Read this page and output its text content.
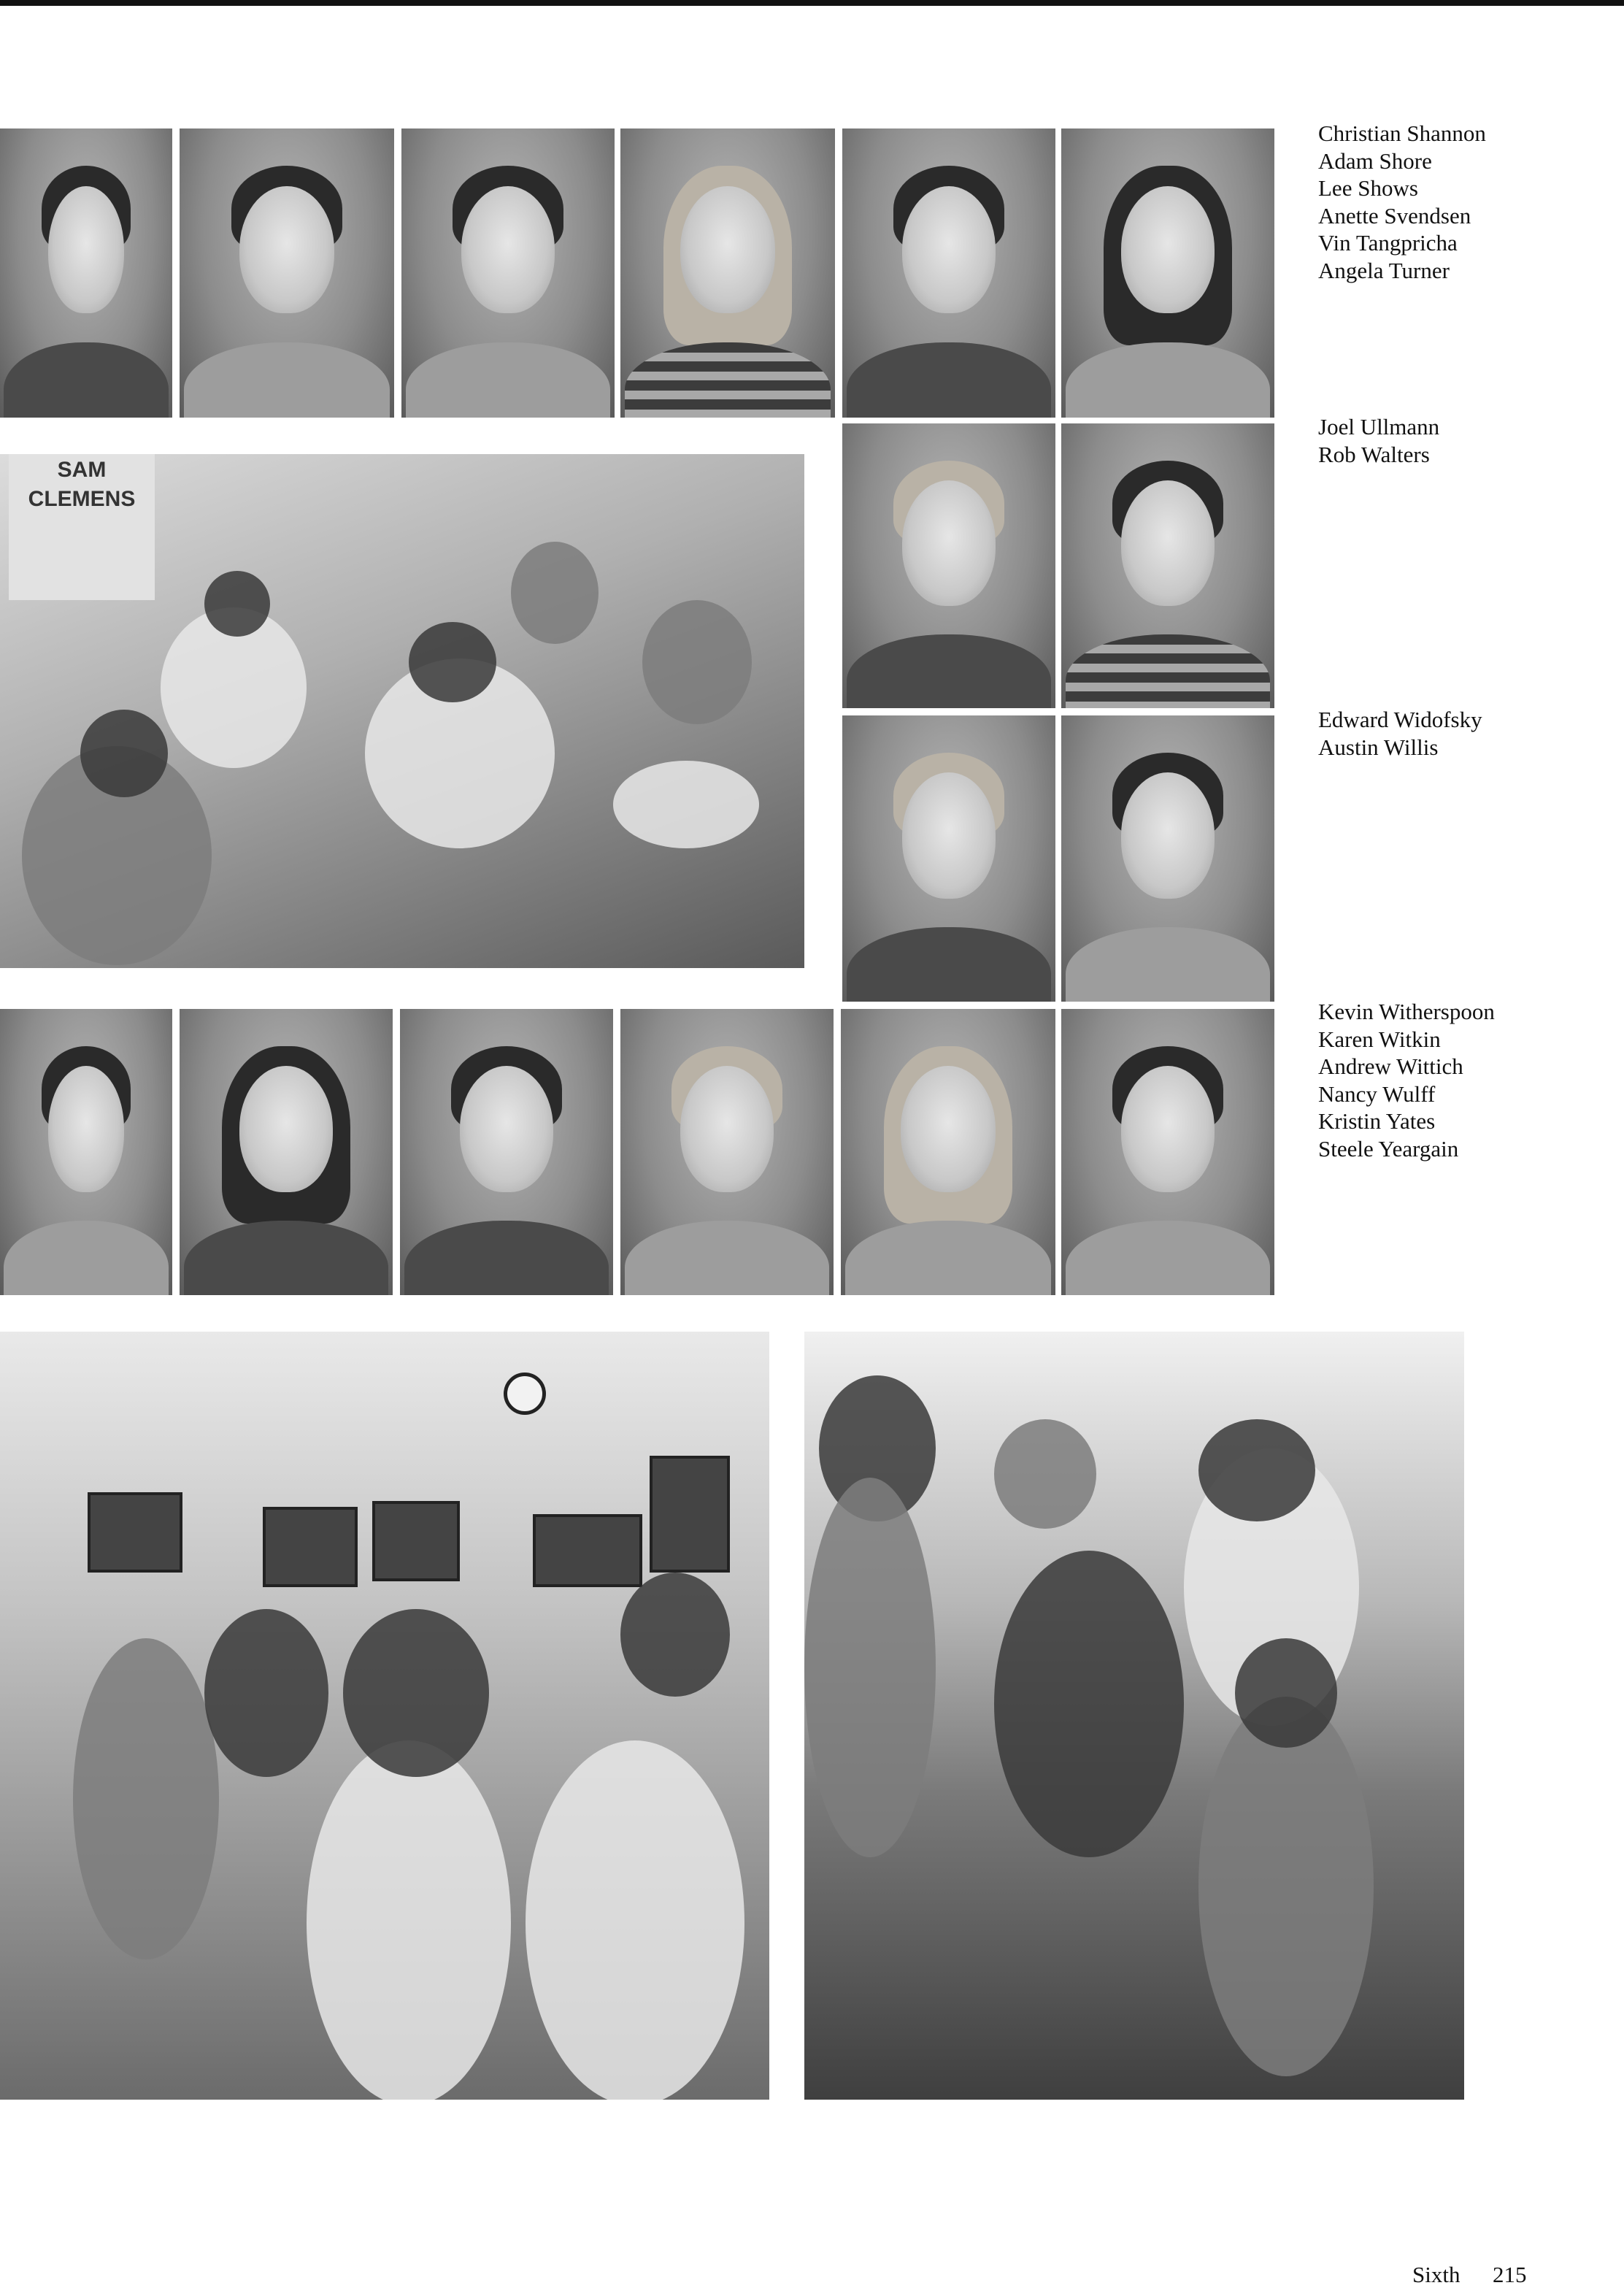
Christian Shannon
Adam Shore
Lee Shows
Anette Svendsen
Vin Tangpricha
Angela Turner
SAM
CLEMENS
Joel Ullmann
Rob Walters
Edward Widofsky
Austin Willis
Kevin Witherspoon
Karen Witkin
Andrew Wittich
Nancy Wulff
Kristin Yates
Steele Yeargain
Sixth 215
